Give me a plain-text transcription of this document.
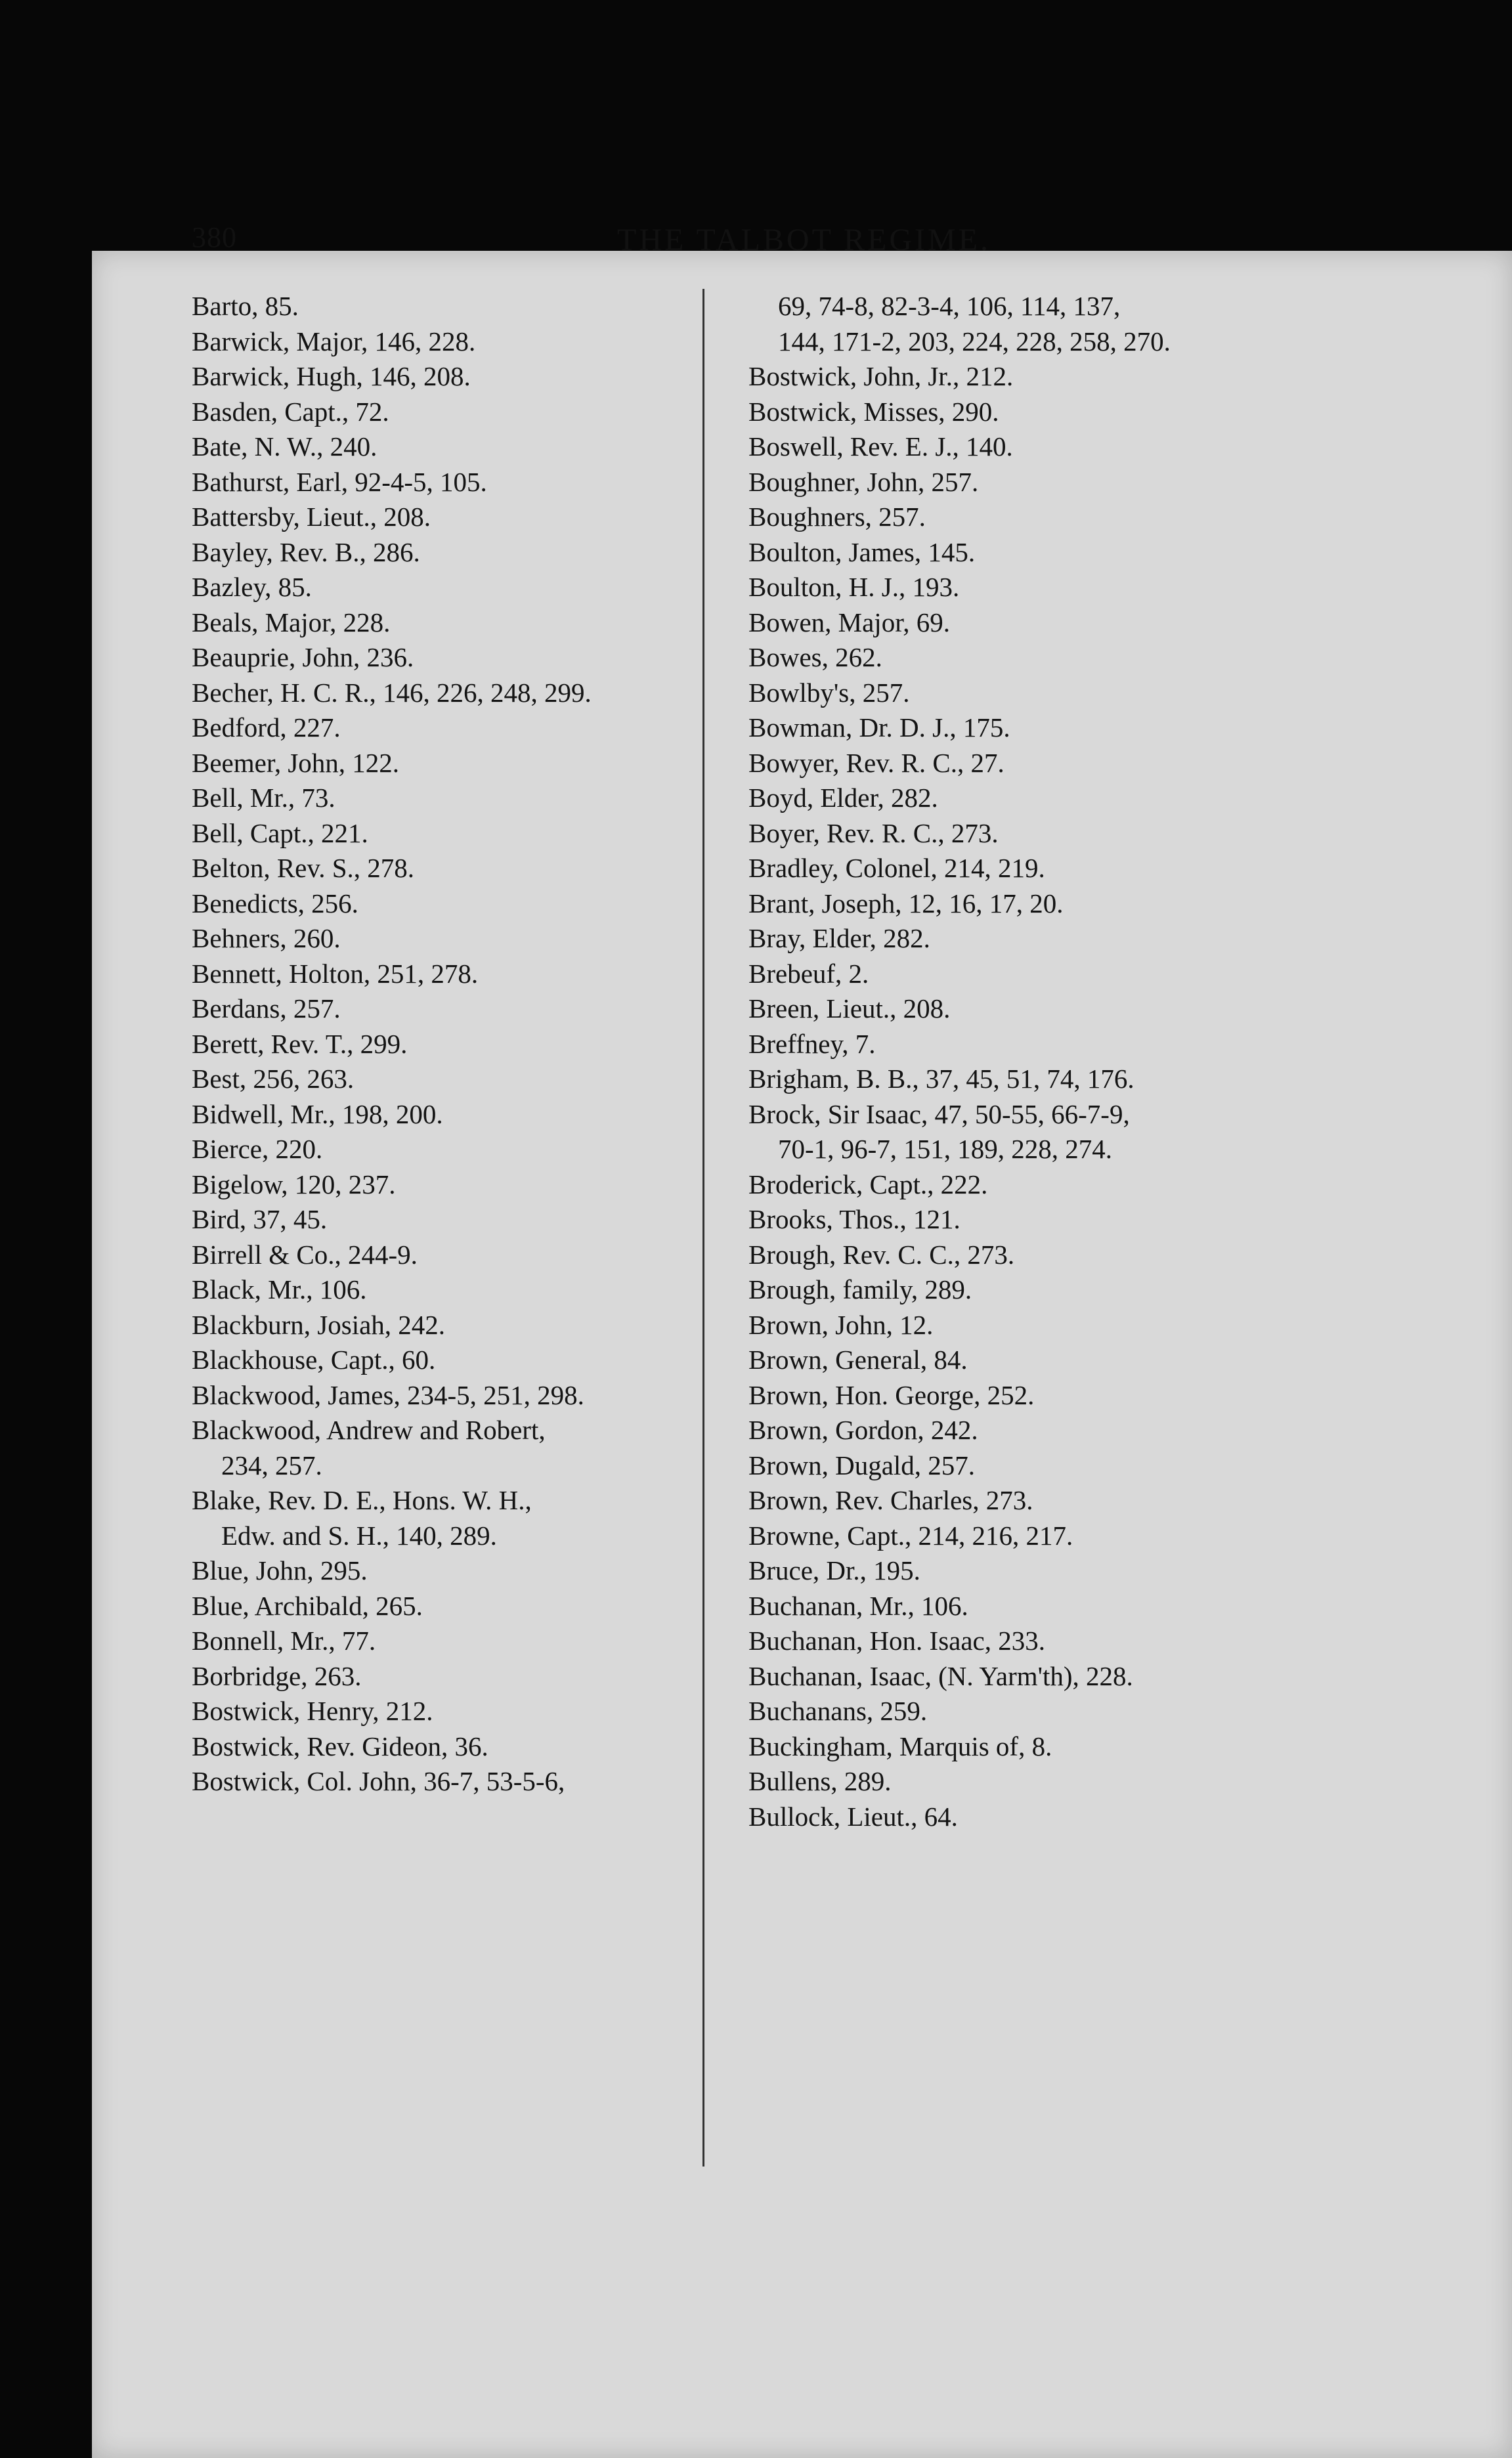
380	THE TALBOT REGIME.
Barto, 85.
Barwick, Major, 146, 228.
Barwick, Hugh, 146, 208.
Basden, Capt., 72.
Bate, N. W., 240.
Bathurst, Earl, 92-4-5, 105.
Battersby, Lieut., 208.
Bayley, Rev. B., 286.
Bazley, 85.
Beals, Major, 228.
Beauprie, John, 236.
Becher, H. C. R., 146, 226, 248, 299.
Bedford, 227.
Beemer, John, 122.
Bell, Mr., 73.
Bell, Capt., 221.
Belton, Rev. S., 278.
Benedicts, 256.
Behners, 260.
Bennett, Holton, 251, 278.
Berdans, 257.
Berett, Rev. T., 299.
Best, 256, 263.
Bidwell, Mr., 198, 200.
Bierce, 220.
Bigelow, 120, 237.
Bird, 37, 45.
Birrell & Co., 244-9.
Black, Mr., 106.
Blackburn, Josiah, 242.
Blackhouse, Capt., 60.
Blackwood, James, 234-5, 251, 298.
Blackwood, Andrew and Robert,
234, 257.
Blake, Rev. D. E., Hons. W. H.,
Edw. and S. H., 140, 289.
Blue, John, 295.
Blue, Archibald, 265.
Bonnell, Mr., 77.
Borbridge, 263.
Bostwick, Henry, 212.
Bostwick, Rev. Gideon, 36.
Bostwick, Col. John, 36-7, 53-5-6,
69, 74-8, 82-3-4, 106, 114, 137,
144, 171-2, 203, 224, 228, 258, 270.
Bostwick, John, Jr., 212.
Bostwick, Misses, 290.
Boswell, Rev. E. J., 140.
Boughner, John, 257.
Boughners, 257.
Boulton, James, 145.
Boulton, H. J., 193.
Bowen, Major, 69.
Bowes, 262.
Bowlby's, 257.
Bowman, Dr. D. J., 175.
Bowyer, Rev. R. C., 27.
Boyd, Elder, 282.
Boyer, Rev. R. C., 273.
Bradley, Colonel, 214, 219.
Brant, Joseph, 12, 16, 17, 20.
Bray, Elder, 282.
Brebeuf, 2.
Breen, Lieut., 208.
Breffney, 7.
Brigham, B. B., 37, 45, 51, 74, 176.
Brock, Sir Isaac, 47, 50-55, 66-7-9,
70-1, 96-7, 151, 189, 228, 274.
Broderick, Capt., 222.
Brooks, Thos., 121.
Brough, Rev. C. C., 273.
Brough, family, 289.
Brown, John, 12.
Brown, General, 84.
Brown, Hon. George, 252.
Brown, Gordon, 242.
Brown, Dugald, 257.
Brown, Rev. Charles, 273.
Browne, Capt., 214, 216, 217.
Bruce, Dr., 195.
Buchanan, Mr., 106.
Buchanan, Hon. Isaac, 233.
Buchanan, Isaac, (N. Yarm'th), 228.
Buchanans, 259.
Buckingham, Marquis of, 8.
Bullens, 289.
Bullock, Lieut., 64.
